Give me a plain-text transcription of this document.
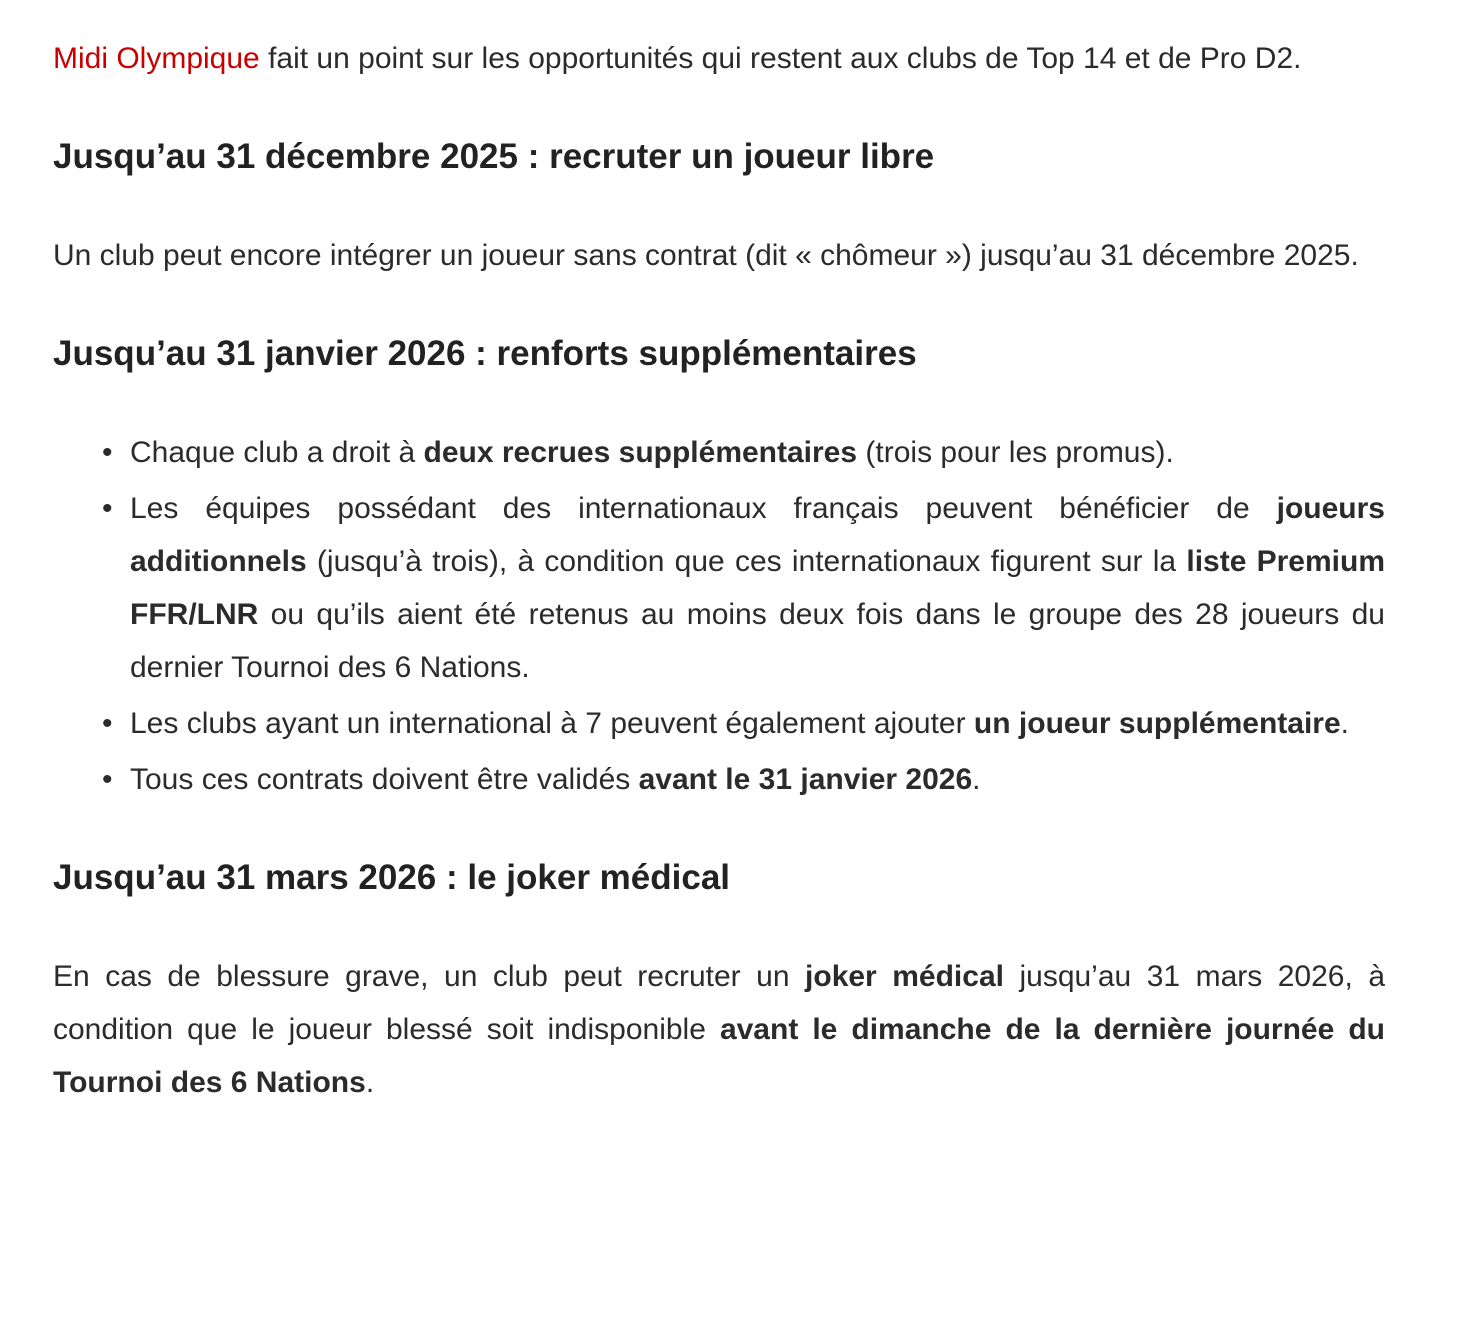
Midi Olympique fait un point sur les opportunités qui restent aux clubs de Top 14 et de Pro D2.

Jusqu’au 31 décembre 2025 : recruter un joueur libre

Un club peut encore intégrer un joueur sans contrat (dit « chômeur ») jusqu’au 31 décembre 2025.

Jusqu’au 31 janvier 2026 : renforts supplémentaires
• Chaque club a droit à deux recrues supplémentaires (trois pour les promus).
• Les équipes possédant des internationaux français peuvent bénéficier de joueurs additionnels (jusqu’à trois), à condition que ces internationaux figurent sur la liste Premium FFR/LNR ou qu’ils aient été retenus au moins deux fois dans le groupe des 28 joueurs du dernier Tournoi des 6 Nations.
• Les clubs ayant un international à 7 peuvent également ajouter un joueur supplémentaire.
• Tous ces contrats doivent être validés avant le 31 janvier 2026.
Jusqu’au 31 mars 2026 : le joker médical

En cas de blessure grave, un club peut recruter un joker médical jusqu’au 31 mars 2026, à condition que le joueur blessé soit indisponible avant le dimanche de la dernière journée du Tournoi des 6 Nations.
